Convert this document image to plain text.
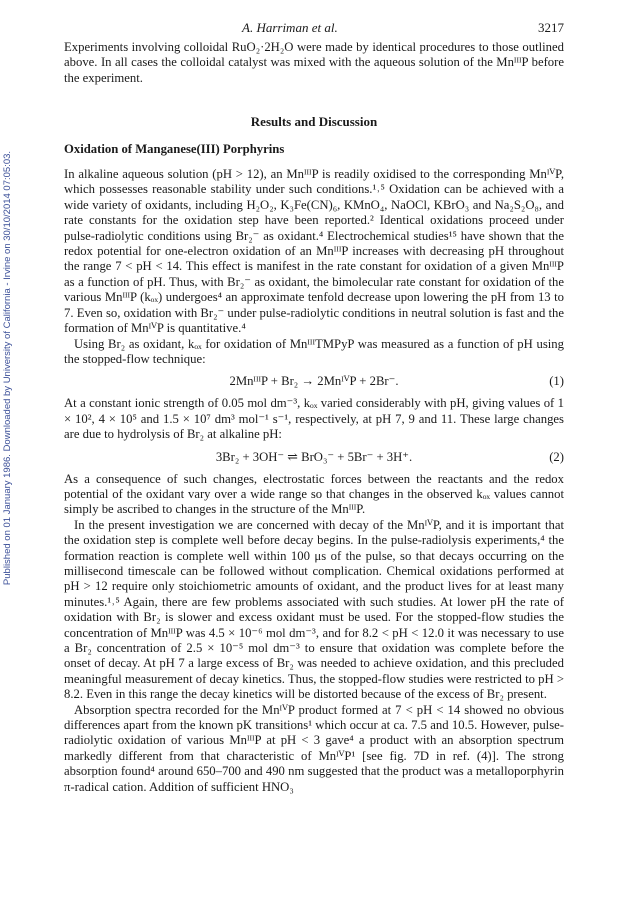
Published on 01 January 1986. Downloaded by University of California - Irvine on 30/10/2014 07:05:03.
A. Harriman et al.	3217

Experiments involving colloidal RuO₂·2H₂O were made by identical procedures to those outlined above. In all cases the colloidal catalyst was mixed with the aqueous solution of the MnᴵᴵᴵP before the experiment.

Results and Discussion
Oxidation of Manganese(III) Porphyrins

In alkaline aqueous solution (pH > 12), an MnᴵᴵᴵP is readily oxidised to the corresponding MnᴵⱽP, which possesses reasonable stability under such conditions.¹˒⁵ Oxidation can be achieved with a wide variety of oxidants, including H₂O₂, K₃Fe(CN)₆, KMnO₄, NaOCl, KBrO₃ and Na₂S₂O₈, and rate constants for the oxidation step have been reported.² Identical oxidations proceed under pulse-radiolytic conditions using Br₂⁻ as oxidant.⁴ Electrochemical studies¹⁵ have shown that the redox potential for one-electron oxidation of an MnᴵᴵᴵP increases with decreasing pH throughout the range 7 < pH < 14. This effect is manifest in the rate constant for oxidation of a given MnᴵᴵᴵP as a function of pH. Thus, with Br₂⁻ as oxidant, the bimolecular rate constant for oxidation of the various MnᴵᴵᴵP (kₒₓ) undergoes⁴ an approximate tenfold decrease upon lowering the pH from 13 to 7. Even so, oxidation with Br₂⁻ under pulse-radiolytic conditions in neutral solution is fast and the formation of MnᴵⱽP is quantitative.⁴

Using Br₂ as oxidant, kₒₓ for oxidation of MnᴵᴵᴵTMPyP was measured as a function of pH using the stopped-flow technique:

2MnᴵᴵᴵP + Br₂ → 2MnᴵⱽP + 2Br⁻.	(1)

At a constant ionic strength of 0.05 mol dm⁻³, kₒₓ varied considerably with pH, giving values of 1 × 10², 4 × 10⁵ and 1.5 × 10⁷ dm³ mol⁻¹ s⁻¹, respectively, at pH 7, 9 and 11. These large changes are due to hydrolysis of Br₂ at alkaline pH:

3Br₂ + 3OH⁻ ⇌ BrO₃⁻ + 5Br⁻ + 3H⁺.	(2)

As a consequence of such changes, electrostatic forces between the reactants and the redox potential of the oxidant vary over a wide range so that changes in the observed kₒₓ values cannot simply be ascribed to changes in the structure of the MnᴵᴵᴵP.

In the present investigation we are concerned with decay of the MnᴵⱽP, and it is important that the oxidation step is complete well before decay begins. In the pulse-radiolysis experiments,⁴ the formation reaction is complete well within 100 μs of the pulse, so that decays occurring on the millisecond timescale can be followed without complication. Chemical oxidations performed at pH > 12 require only stoichiometric amounts of oxidant, and the product lives for at least many minutes.¹˒⁵ Again, there are few problems associated with such studies. At lower pH the rate of oxidation with Br₂ is slower and excess oxidant must be used. For the stopped-flow studies the concentration of MnᴵᴵᴵP was 4.5 × 10⁻⁶ mol dm⁻³, and for 8.2 < pH < 12.0 it was necessary to use a Br₂ concentration of 2.5 × 10⁻⁵ mol dm⁻³ to ensure that oxidation was complete before the onset of decay. At pH 7 a large excess of Br₂ was needed to achieve oxidation, and this precluded meaningful measurement of decay kinetics. Thus, the stopped-flow studies were restricted to pH > 8.2. Even in this range the decay kinetics will be distorted because of the excess of Br₂ present.

Absorption spectra recorded for the MnᴵⱽP product formed at 7 < pH < 14 showed no obvious differences apart from the known pK transitions¹ which occur at ca. 7.5 and 10.5. However, pulse-radiolytic oxidation of various MnᴵᴵᴵP at pH < 3 gave⁴ a product with an absorption spectrum markedly different from that characteristic of MnᴵⱽP¹ [see fig. 7D in ref. (4)]. The strong absorption found⁴ around 650–700 and 490 nm suggested that the product was a metalloporphyrin π-radical cation. Addition of sufficient HNO₃
